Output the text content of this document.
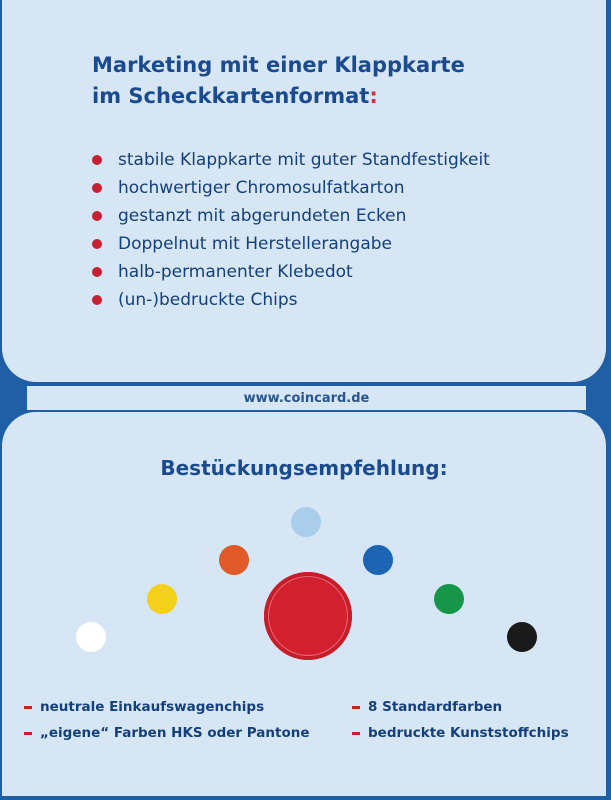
Marketing mit einer Klappkarte
im Scheckkartenformat:
stabile Klappkarte mit guter Standfestigkeit
hochwertiger Chromosulfatkarton
gestanzt mit abgerundeten Ecken
Doppelnut mit Herstellerangabe
halb-permanenter Klebedot
(un-)bedruckte Chips
www.coincard.de
Bestückungsempfehlung:
neutrale Einkaufswagenchips
„eigene“ Farben HKS oder Pantone
8 Standardfarben
bedruckte Kunststoffchips
